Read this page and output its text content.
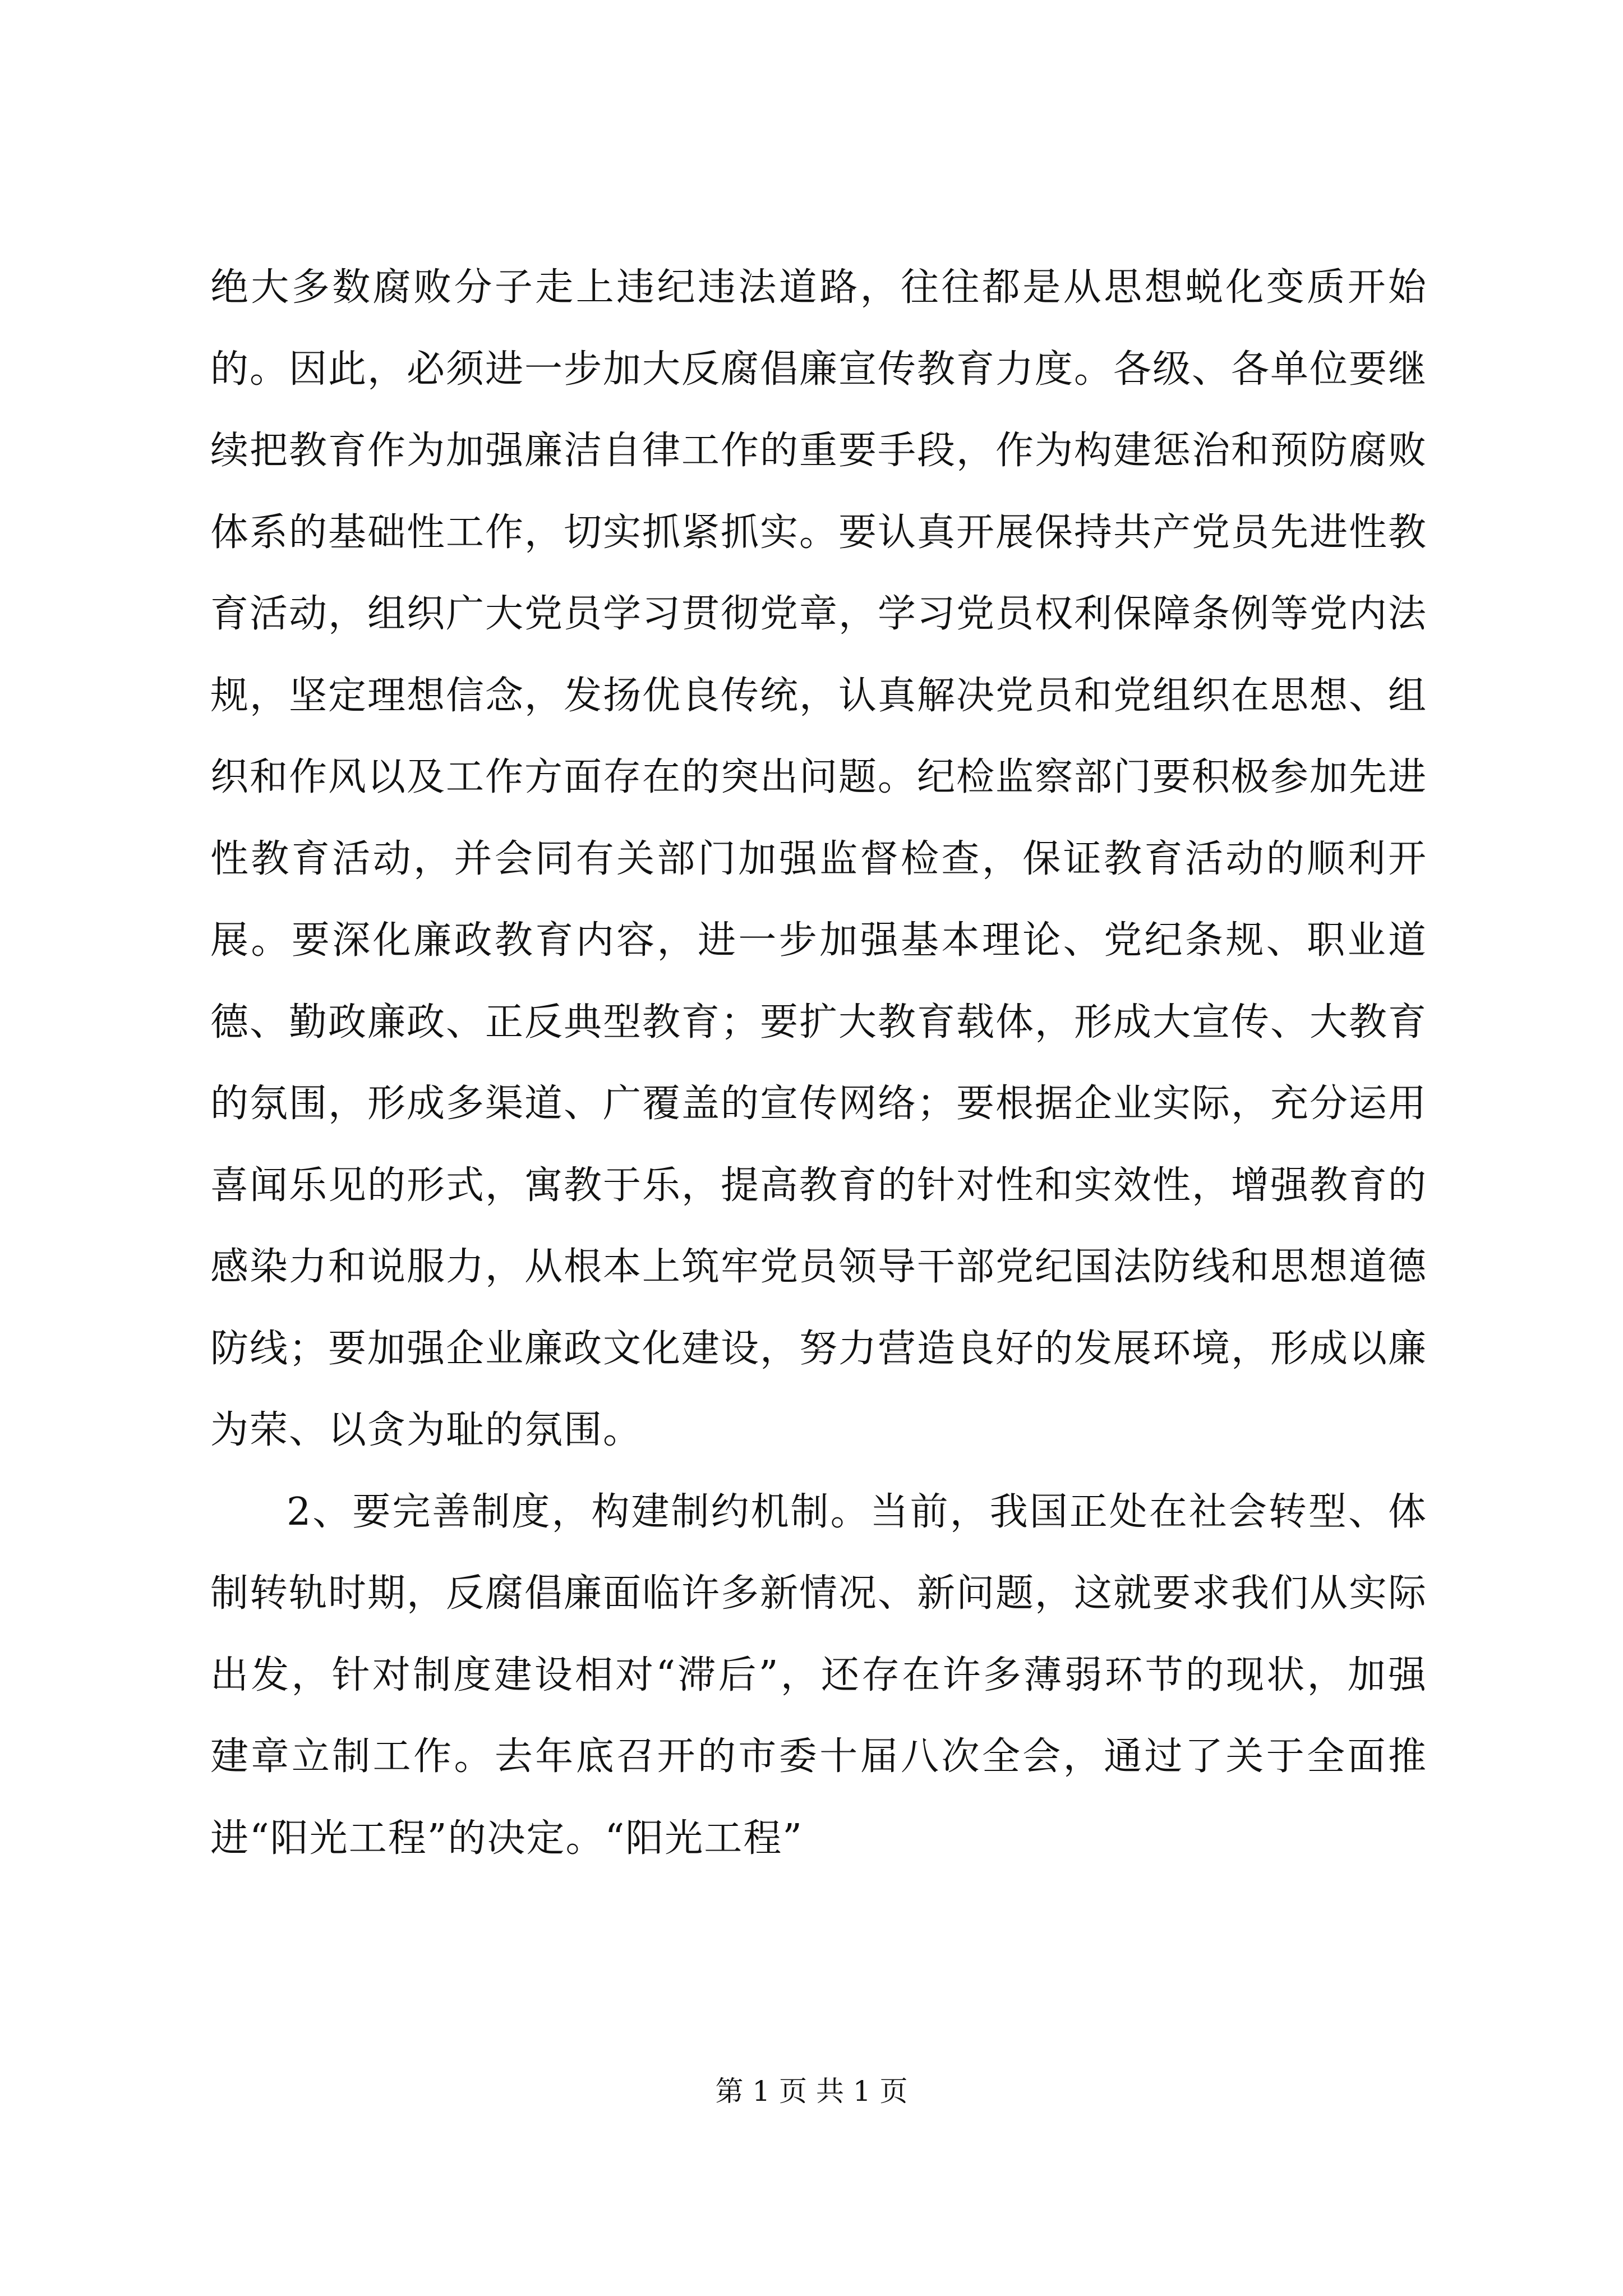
绝大多数腐败分子走上违纪违法道路，往往都是从思想蜕化变质开始的。因此，必须进一步加大反腐倡廉宣传教育力度。各级、各单位要继续把教育作为加强廉洁自律工作的重要手段，作为构建惩治和预防腐败体系的基础性工作，切实抓紧抓实。要认真开展保持共产党员先进性教育活动，组织广大党员学习贯彻党章，学习党员权利保障条例等党内法规，坚定理想信念，发扬优良传统，认真解决党员和党组织在思想、组织和作风以及工作方面存在的突出问题。纪检监察部门要积极参加先进性教育活动，并会同有关部门加强监督检查，保证教育活动的顺利开展。要深化廉政教育内容，进一步加强基本理论、党纪条规、职业道德、勤政廉政、正反典型教育；要扩大教育载体，形成大宣传、大教育的氛围，形成多渠道、广覆盖的宣传网络；要根据企业实际，充分运用喜闻乐见的形式，寓教于乐，提高教育的针对性和实效性，增强教育的感染力和说服力，从根本上筑牢党员领导干部党纪国法防线和思想道德防线；要加强企业廉政文化建设，努力营造良好的发展环境，形成以廉为荣、以贪为耻的氛围。

2、要完善制度，构建制约机制。当前，我国正处在社会转型、体制转轨时期，反腐倡廉面临许多新情况、新问题，这就要求我们从实际出发，针对制度建设相对“滞后”，还存在许多薄弱环节的现状，加强建章立制工作。去年底召开的市委十届八次全会，通过了关于全面推进“阳光工程”的决定。“阳光工程”

第 1 页 共 1 页
